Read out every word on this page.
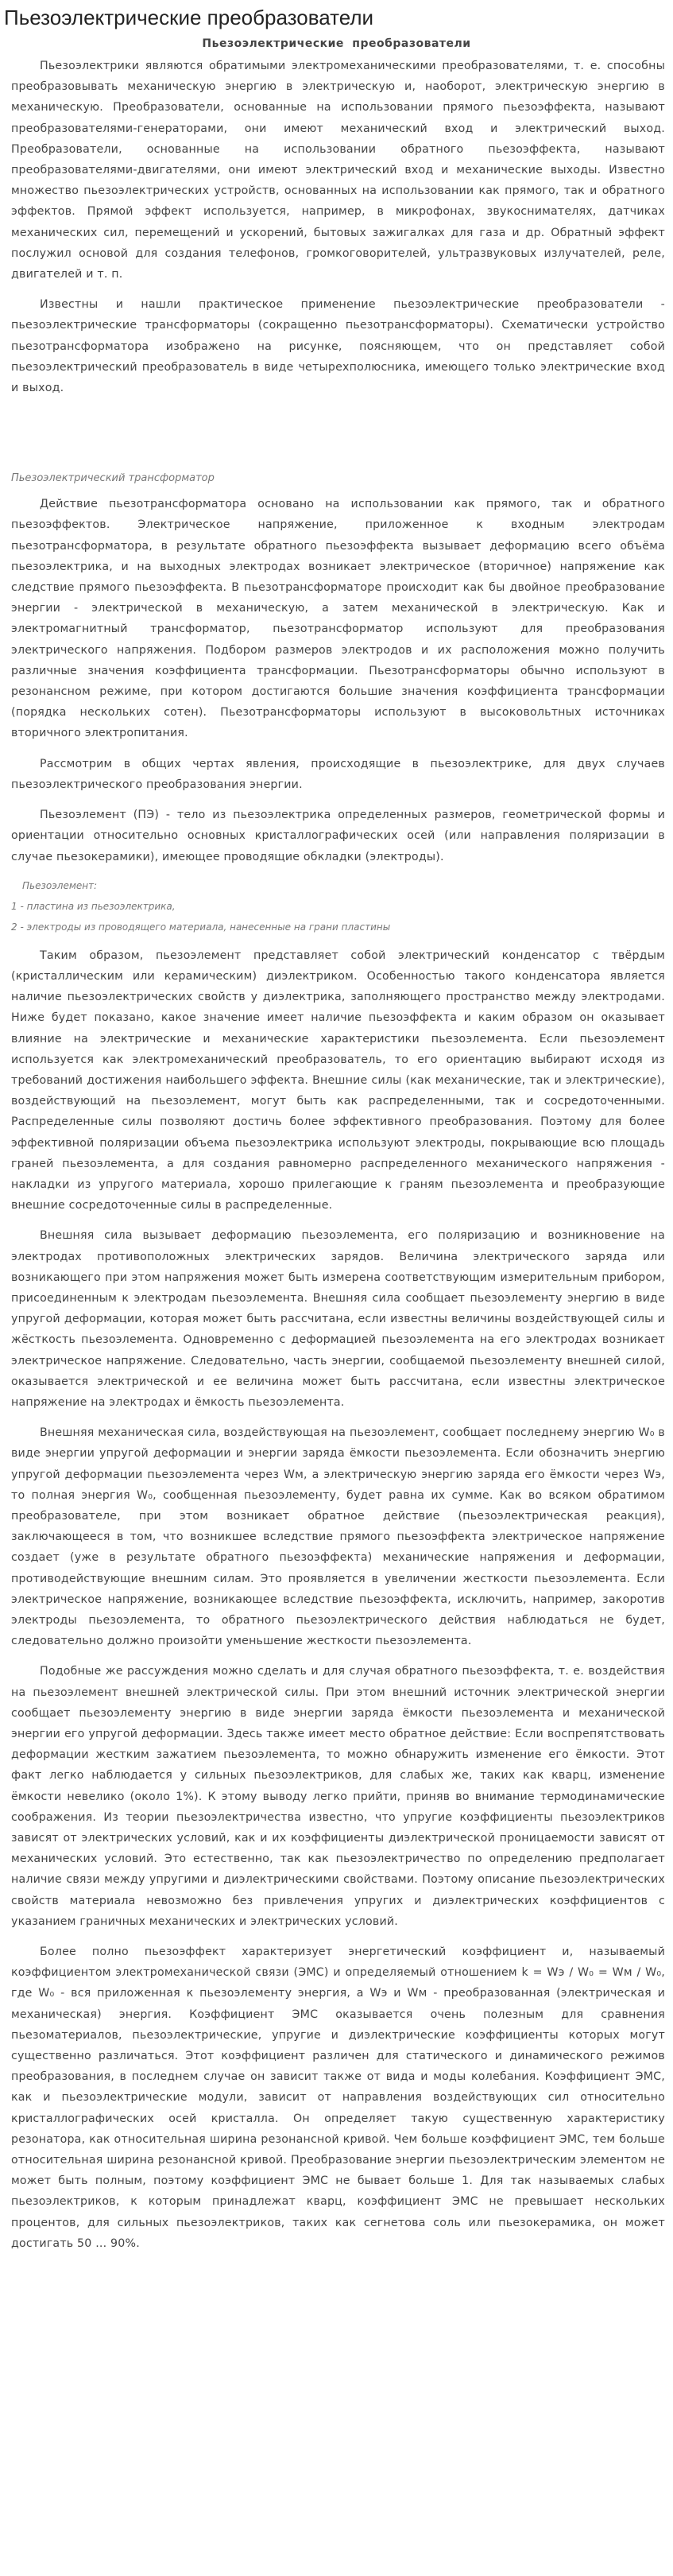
Пьезоэлектрические преобразователи
Пьезоэлектрические преобразователи

Пьезоэлектрики являются обратимыми электромеханическими преобразователями, т. е. способны преобразовывать механическую энергию в электрическую и, наоборот, электрическую энергию в механическую. Преобразователи, основанные на использовании прямого пьезоэффекта, называют преобразователями-генераторами, они имеют механический вход и электрический выход. Преобразователи, основанные на использовании обратного пьезоэффекта, называют преобразователями-двигателями, они имеют электрический вход и механические выходы. Известно множество пьезоэлектрических устройств, основанных на использовании как прямого, так и обратного эффектов. Прямой эффект используется, например, в микрофонах, звукоснимателях, датчиках механических сил, перемещений и ускорений, бытовых зажигалках для газа и др. Обратный эффект послужил основой для создания телефонов, громкоговорителей, ультразвуковых излучателей, реле, двигателей и т. п.

Известны и нашли практическое применение пьезоэлектрические преобразователи - пьезоэлектрические трансформаторы (сокращенно пьезотрансформаторы). Схематически устройство пьезотрансформатора изображено на рисунке, поясняющем, что он представляет собой пьезоэлектрический преобразователь в виде четырехполюсника, имеющего только электрические вход и выход.

Пьезоэлектрический трансформатор

Действие пьезотрансформатора основано на использовании как прямого, так и обратного пьезоэффектов. Электрическое напряжение, приложенное к входным электродам пьезотрансформатора, в результате обратного пьезоэффекта вызывает деформацию всего объёма пьезоэлектрика, и на выходных электродах возникает электрическое (вторичное) напряжение как следствие прямого пьезоэффекта. В пьезотрансформаторе происходит как бы двойное преобразование энергии - электрической в механическую, а затем механической в электрическую. Как и электромагнитный трансформатор, пьезотрансформатор используют для преобразования электрического напряжения. Подбором размеров электродов и их расположения можно получить различные значения коэффициента трансформации. Пьезотрансформаторы обычно используют в резонансном режиме, при котором достигаются большие значения коэффициента трансформации (порядка нескольких сотен). Пьезотрансформаторы используют в высоковольтных источниках вторичного электропитания.

Рассмотрим в общих чертах явления, происходящие в пьезоэлектрике, для двух случаев пьезоэлектрического преобразования энергии.

Пьезоэлемент (ПЭ) - тело из пьезоэлектрика определенных размеров, геометрической формы и ориентации относительно основных кристаллографических осей (или направления поляризации в случае пьезокерамики), имеющее проводящие обкладки (электроды).

Пьезоэлемент:

1 - пластина из пьезоэлектрика,

2 - электроды из проводящего материала, нанесенные на грани пластины

Таким образом, пьезоэлемент представляет собой электрический конденсатор с твёрдым (кристаллическим или керамическим) диэлектриком. Особенностью такого конденсатора является наличие пьезоэлектрических свойств у диэлектрика, заполняющего пространство между электродами. Ниже будет показано, какое значение имеет наличие пьезоэффекта и каким образом он оказывает влияние на электрические и механические характеристики пьезоэлемента. Если пьезоэлемент используется как электромеханический преобразователь, то его ориентацию выбирают исходя из требований достижения наибольшего эффекта. Внешние силы (как механические, так и электрические), воздействующий на пьезоэлемент, могут быть как распределенными, так и сосредоточенными. Распределенные силы позволяют достичь более эффективного преобразования. Поэтому для более эффективной поляризации объема пьезоэлектрика используют электроды, покрывающие всю площадь граней пьезоэлемента, а для создания равномерно распределенного механического напряжения - накладки из упругого материала, хорошо прилегающие к граням пьезоэлемента и преобразующие внешние сосредоточенные силы в распределенные.

Внешняя сила вызывает деформацию пьезоэлемента, его поляризацию и возникновение на электродах противоположных электрических зарядов. Величина электрического заряда или возникающего при этом напряжения может быть измерена соответствующим измерительным прибором, присоединенным к электродам пьезоэлемента. Внешняя сила сообщает пьезоэлементу энергию в виде упругой деформации, которая может быть рассчитана, если известны величины воздействующей силы и жёсткость пьезоэлемента. Одновременно с деформацией пьезоэлемента на его электродах возникает электрическое напряжение. Следовательно, часть энергии, сообщаемой пьезоэлементу внешней силой, оказывается электрической и ее величина может быть рассчитана, если известны электрическое напряжение на электродах и ёмкость пьезоэлемента.

Внешняя механическая сила, воздействующая на пьезоэлемент, сообщает последнему энергию W₀ в виде энергии упругой деформации и энергии заряда ёмкости пьезоэлемента. Если обозначить энергию упругой деформации пьезоэлемента через Wм, а электрическую энергию заряда его ёмкости через Wэ, то полная энергия W₀, сообщенная пьезоэлементу, будет равна их сумме. Как во всяком обратимом преобразователе, при этом возникает обратное действие (пьезоэлектрическая реакция), заключающееся в том, что возникшее вследствие прямого пьезоэффекта электрическое напряжение создает (уже в результате обратного пьезоэффекта) механические напряжения и деформации, противодействующие внешним силам. Это проявляется в увеличении жесткости пьезоэлемента. Если электрическое напряжение, возникающее вследствие пьезоэффекта, исключить, например, закоротив электроды пьезоэлемента, то обратного пьезоэлектрического действия наблюдаться не будет, следовательно должно произойти уменьшение жесткости пьезоэлемента.

Подобные же рассуждения можно сделать и для случая обратного пьезоэффекта, т. е. воздействия на пьезоэлемент внешней электрической силы. При этом внешний источник электрической энергии сообщает пьезоэлементу энергию в виде энергии заряда ёмкости пьезоэлемента и механической энергии его упругой деформации. Здесь также имеет место обратное действие: Если воспрепятствовать деформации жестким зажатием пьезоэлемента, то можно обнаружить изменение его ёмкости. Этот факт легко наблюдается у сильных пьезоэлектриков, для слабых же, таких как кварц, изменение ёмкости невелико (около 1%). К этому выводу легко прийти, приняв во внимание термодинамические соображения. Из теории пьезоэлектричества известно, что упругие коэффициенты пьезоэлектриков зависят от электрических условий, как и их коэффициенты диэлектрической проницаемости зависят от механических условий. Это естественно, так как пьезоэлектричество по определению предполагает наличие связи между упругими и диэлектрическими свойствами. Поэтому описание пьезоэлектрических свойств материала невозможно без привлечения упругих и диэлектрических коэффициентов с указанием граничных механических и электрических условий.

Более полно пьезоэффект характеризует энергетический коэффициент и, называемый коэффициентом электромеханической связи (ЭМС) и определяемый отношением k = Wэ / W₀ = Wм / W₀, где W₀ - вся приложенная к пьезоэлементу энергия, а Wэ и Wм - преобразованная (электрическая и механическая) энергия. Коэффициент ЭМС оказывается очень полезным для сравнения пьезоматериалов, пьезоэлектрические, упругие и диэлектрические коэффициенты которых могут существенно различаться. Этот коэффициент различен для статического и динамического режимов преобразования, в последнем случае он зависит также от вида и моды колебания. Коэффициент ЭМС, как и пьезоэлектрические модули, зависит от направления воздействующих сил относительно кристаллографических осей кристалла. Он определяет такую существенную характеристику резонатора, как относительная ширина резонансной кривой. Чем больше коэффициент ЭМС, тем больше относительная ширина резонансной кривой. Преобразование энергии пьезоэлектрическим элементом не может быть полным, поэтому коэффициент ЭМС не бывает больше 1. Для так называемых слабых пьезоэлектриков, к которым принадлежат кварц, коэффициент ЭМС не превышает нескольких процентов, для сильных пьезоэлектриков, таких как сегнетова соль или пьезокерамика, он может достигать 50 ... 90%.
